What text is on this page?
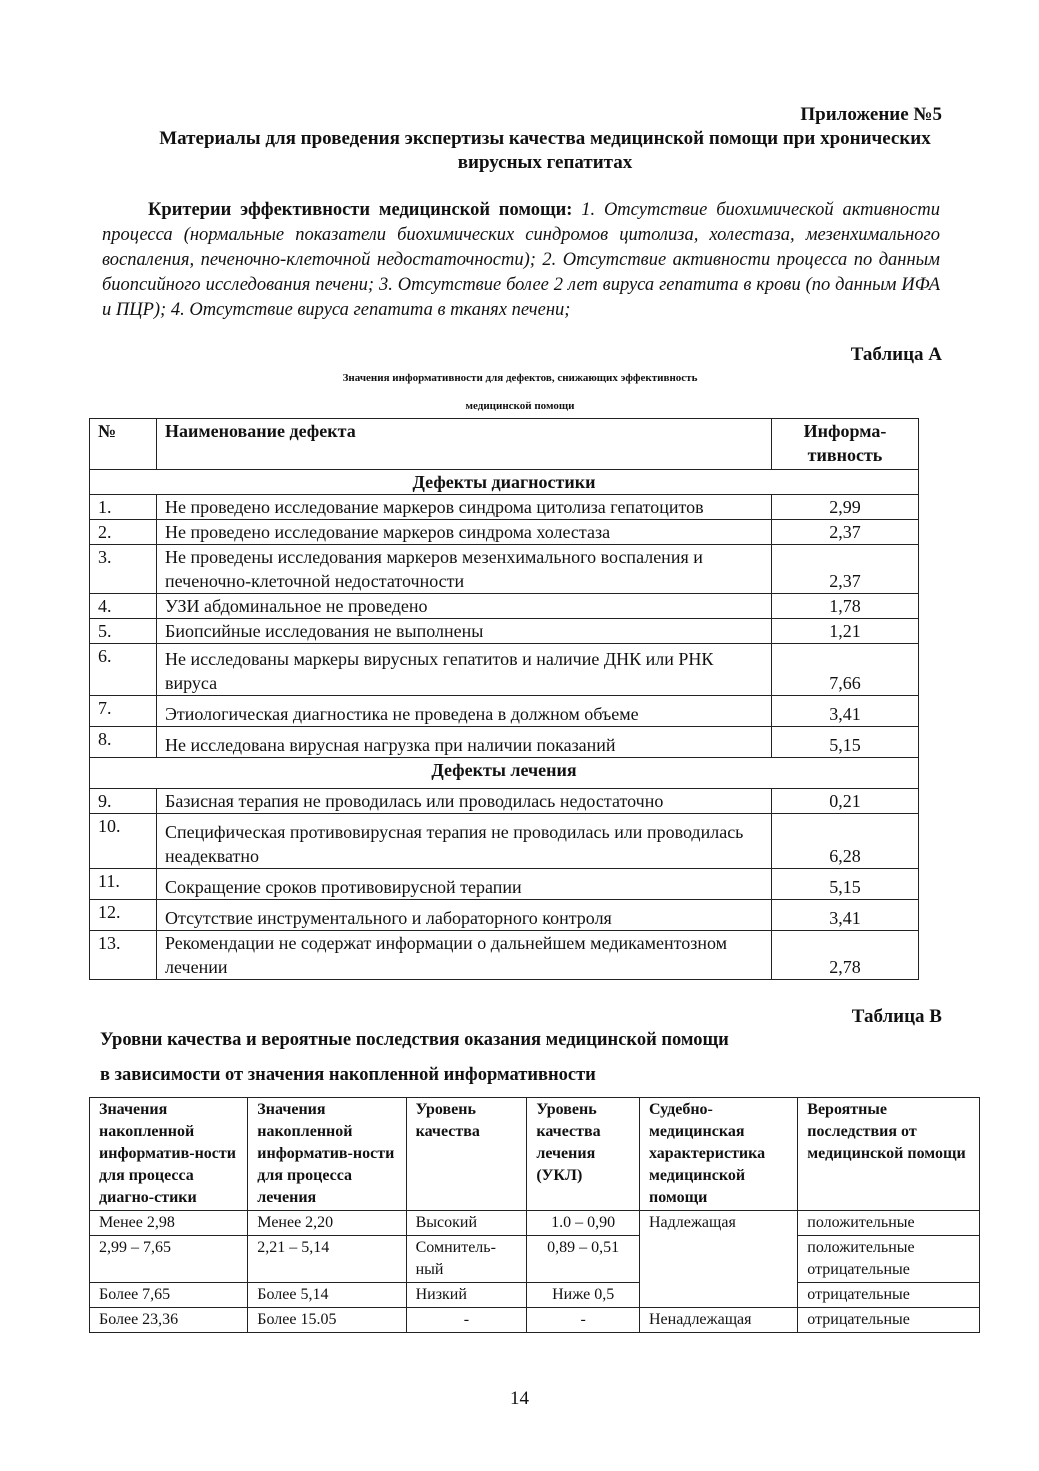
Приложение №5
Материалы для проведения экспертизы качества медицинской помощи при хронических вирусных гепатитах
Критерии эффективности медицинской помощи: 1. Отсутствие биохимической активности процесса (нормальные показатели биохимических синдромов цитолиза, холестаза, мезенхимального воспаления, печеночно-клеточной недостаточности); 2. Отсутствие активности процесса по данным биопсийного исследования печени; 3. Отсутствие более 2 лет вируса гепатита в крови (по данным ИФА и ПЦР); 4. Отсутствие вируса гепатита в тканях печени;
Таблица А
Значения информативности для дефектов, снижающих эффективность
медицинской помощи
№	Наименование дефекта	Информа-тивность
Дефекты диагностики		
1.	Не проведено исследование маркеров синдрома цитолиза гепатоцитов	2,99
2.	Не проведено исследование маркеров синдрома холестаза	2,37
3.	Не проведены исследования маркеров мезенхимального воспаления и печеночно-клеточной недостаточности	2,37
4.	УЗИ абдоминальное не проведено	1,78
5.	Биопсийные исследования не выполнены	1,21
6.	Не исследованы маркеры вирусных гепатитов и наличие ДНК или РНК вируса	7,66
7.	Этиологическая диагностика не проведена в должном объеме	3,41
8.	Не исследована вирусная нагрузка при наличии показаний	5,15
Дефекты лечения		
9.	Базисная терапия не проводилась или проводилась недостаточно	0,21
10.	Специфическая противовирусная терапия не проводилась или проводилась неадекватно	6,28
11.	Сокращение сроков противовирусной терапии	5,15
12.	Отсутствие инструментального и лабораторного контроля	3,41
13.	Рекомендации не содержат информации о дальнейшем медикаментозном лечении	2,78
Таблица В
Уровни качества и вероятные последствия оказания медицинской помощи
в зависимости от значения накопленной информативности
Значения накопленной информатив-ности для процесса диагно-стики	Значения накопленной информатив-ности для процесса лечения	Уровень качества	Уровень качества лечения (УКЛ)	Судебно-медицинская характеристика медицинской помощи	Вероятные последствия от медицинской помощи
Менее 2,98	Менее 2,20	Высокий	1.0 – 0,90	Надлежащая	положительные
2,99 – 7,65	2,21 – 5,14	Сомнитель-ный	0,89 – 0,51		положительные отрицательные
Более 7,65	Более 5,14	Низкий	Ниже 0,5		отрицательные
Более 23,36	Более 15.05	-	-	Ненадлежащая	отрицательные
14
